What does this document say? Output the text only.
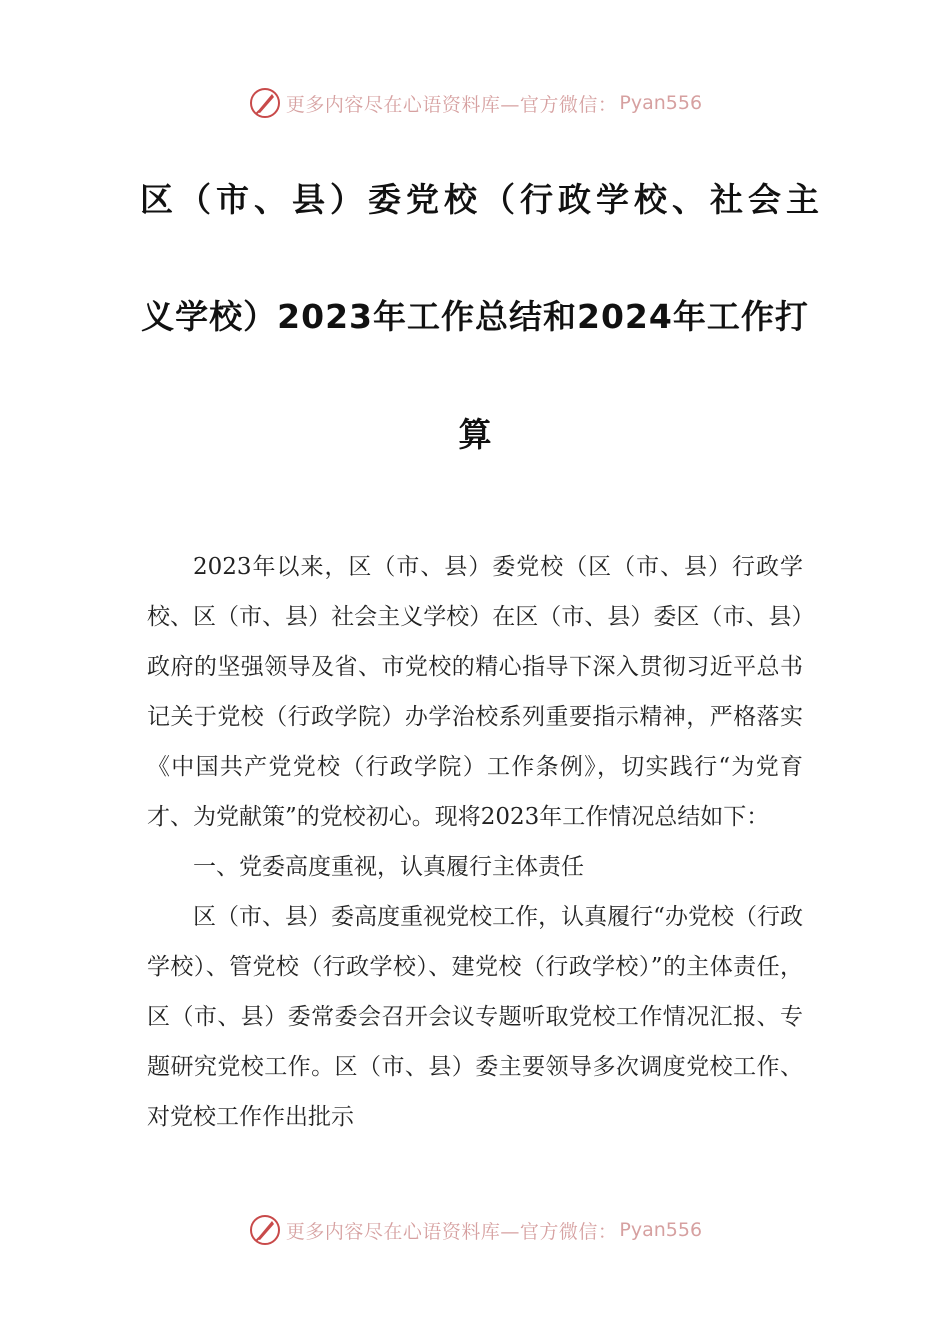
更多内容尽在心语资料库—官方微信： Pyan556
区（市、县）委党校（行政学校、社会主
义学校）2023年工作总结和2024年工作打
算

2023年以来，区（市、县）委党校（区（市、县）行政学校、区（市、县）社会主义学校）在区（市、县）委区（市、县）政府的坚强领导及省、市党校的精心指导下深入贯彻习近平总书记关于党校（行政学院）办学治校系列重要指示精神，严格落实《中国共产党党校（行政学院）工作条例》，切实践行“为党育才、为党献策”的党校初心。现将2023年工作情况总结如下：

一、党委高度重视，认真履行主体责任

区（市、县）委高度重视党校工作，认真履行“办党校（行政学校）、管党校（行政学校）、建党校（行政学校）”的主体责任，区（市、县）委常委会召开会议专题听取党校工作情况汇报、专题研究党校工作。区（市、县）委主要领导多次调度党校工作、对党校工作作出批示

更多内容尽在心语资料库—官方微信： Pyan556
